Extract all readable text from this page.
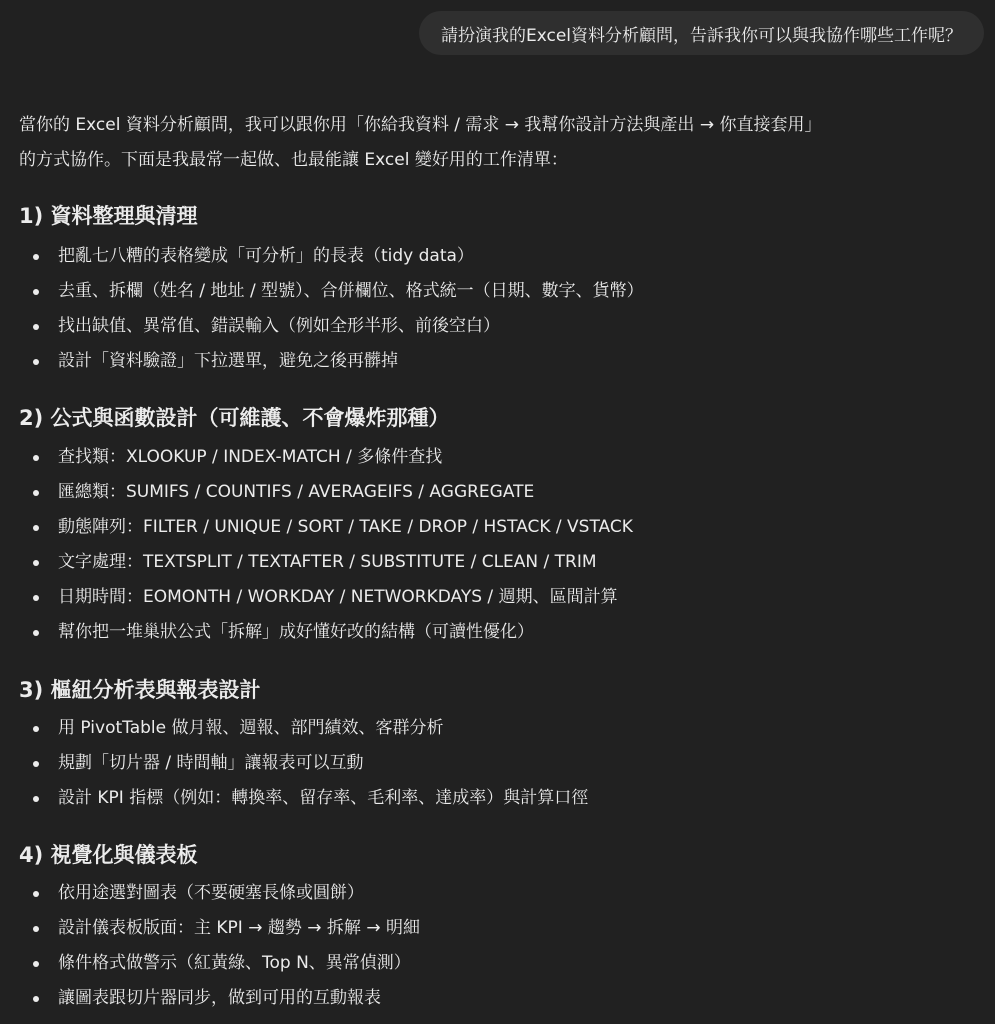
請扮演我的Excel資料分析顧問，告訴我你可以與我協作哪些工作呢？

當你的 Excel 資料分析顧問，我可以跟你用「你給我資料 / 需求 → 我幫你設計方法與產出 → 你直接套用」
的方式協作。下面是我最常一起做、也最能讓 Excel 變好用的工作清單：

1) 資料整理與清理
把亂七八糟的表格變成「可分析」的長表（tidy data）
去重、拆欄（姓名 / 地址 / 型號）、合併欄位、格式統一（日期、數字、貨幣）
找出缺值、異常值、錯誤輸入（例如全形半形、前後空白）
設計「資料驗證」下拉選單，避免之後再髒掉
2) 公式與函數設計（可維護、不會爆炸那種）
查找類：XLOOKUP / INDEX-MATCH / 多條件查找
匯總類：SUMIFS / COUNTIFS / AVERAGEIFS / AGGREGATE
動態陣列：FILTER / UNIQUE / SORT / TAKE / DROP / HSTACK / VSTACK
文字處理：TEXTSPLIT / TEXTAFTER / SUBSTITUTE / CLEAN / TRIM
日期時間：EOMONTH / WORKDAY / NETWORKDAYS / 週期、區間計算
幫你把一堆巢狀公式「拆解」成好懂好改的結構（可讀性優化）
3) 樞紐分析表與報表設計
用 PivotTable 做月報、週報、部門績效、客群分析
規劃「切片器 / 時間軸」讓報表可以互動
設計 KPI 指標（例如：轉換率、留存率、毛利率、達成率）與計算口徑
4) 視覺化與儀表板
依用途選對圖表（不要硬塞長條或圓餅）
設計儀表板版面：主 KPI → 趨勢 → 拆解 → 明細
條件格式做警示（紅黃綠、Top N、異常偵測）
讓圖表跟切片器同步，做到可用的互動報表
